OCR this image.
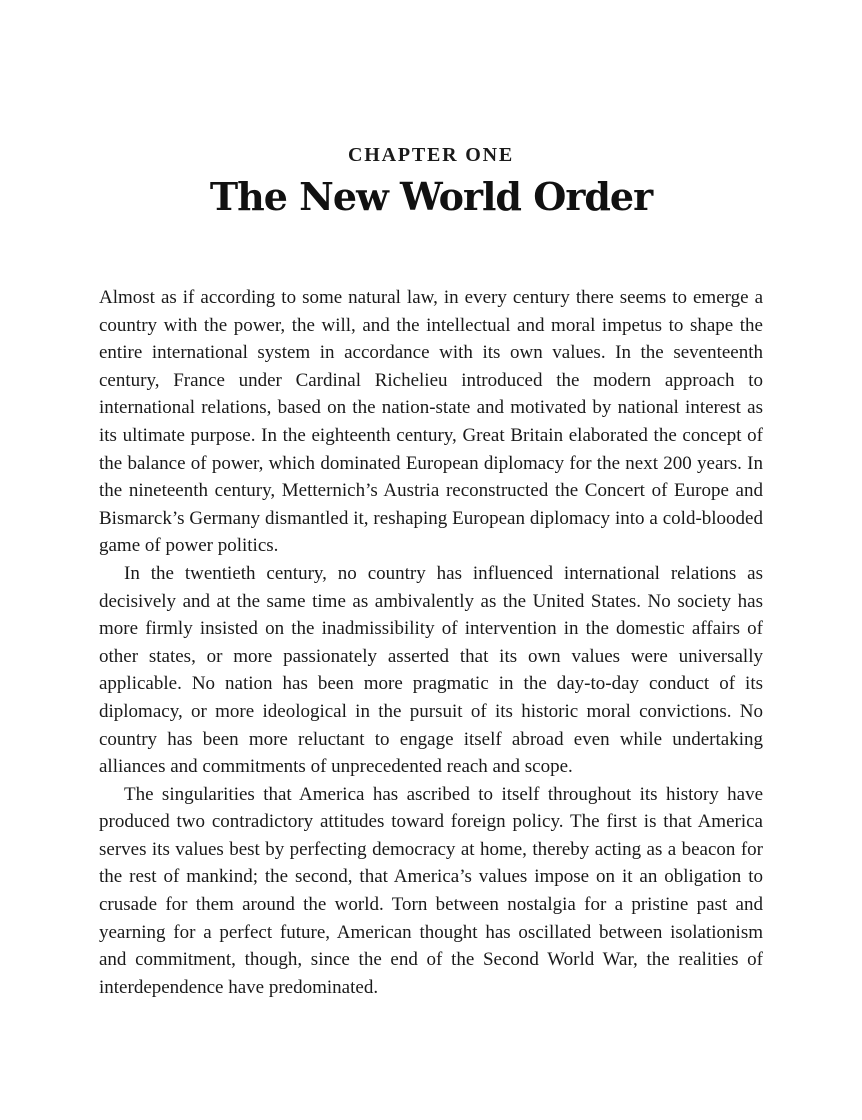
CHAPTER ONE
The New World Order

Almost as if according to some natural law, in every century there seems to emerge a country with the power, the will, and the intellectual and moral impetus to shape the entire international system in accordance with its own values. In the seventeenth century, France under Cardinal Richelieu introduced the modern approach to international relations, based on the nation-state and motivated by national interest as its ultimate purpose. In the eighteenth century, Great Britain elaborated the concept of the balance of power, which dominated European diplomacy for the next 200 years. In the nineteenth century, Metternich’s Austria reconstructed the Concert of Europe and Bismarck’s Germany dismantled it, reshaping European diplomacy into a cold-blooded game of power politics.

In the twentieth century, no country has influenced international relations as decisively and at the same time as ambivalently as the United States. No society has more firmly insisted on the inadmissibility of intervention in the domestic affairs of other states, or more passionately asserted that its own values were universally applicable. No nation has been more pragmatic in the day-to-day conduct of its diplomacy, or more ideological in the pursuit of its historic moral convictions. No country has been more reluctant to engage itself abroad even while undertaking alliances and commitments of unprecedented reach and scope.

The singularities that America has ascribed to itself throughout its history have produced two contradictory attitudes toward foreign policy. The first is that America serves its values best by perfecting democracy at home, thereby acting as a beacon for the rest of mankind; the second, that America’s values impose on it an obligation to crusade for them around the world. Torn between nostalgia for a pristine past and yearning for a perfect future, American thought has oscillated between isolationism and commitment, though, since the end of the Second World War, the realities of interdependence have predominated.
